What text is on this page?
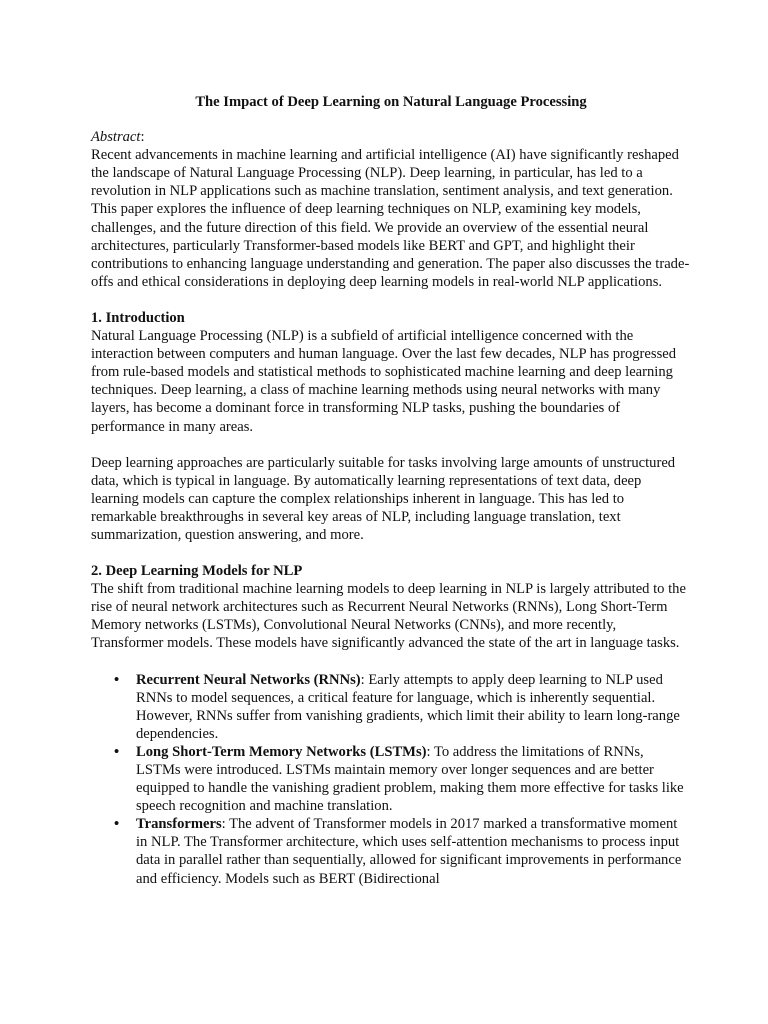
The Impact of Deep Learning on Natural Language Processing
Abstract:

Recent advancements in machine learning and artificial intelligence (AI) have significantly reshaped the landscape of Natural Language Processing (NLP). Deep learning, in particular, has led to a revolution in NLP applications such as machine translation, sentiment analysis, and text generation. This paper explores the influence of deep learning techniques on NLP, examining key models, challenges, and the future direction of this field. We provide an overview of the essential neural architectures, particularly Transformer-based models like BERT and GPT, and highlight their contributions to enhancing language understanding and generation. The paper also discusses the trade-offs and ethical considerations in deploying deep learning models in real-world NLP applications.

1. Introduction

Natural Language Processing (NLP) is a subfield of artificial intelligence concerned with the interaction between computers and human language. Over the last few decades, NLP has progressed from rule-based models and statistical methods to sophisticated machine learning and deep learning techniques. Deep learning, a class of machine learning methods using neural networks with many layers, has become a dominant force in transforming NLP tasks, pushing the boundaries of performance in many areas.

Deep learning approaches are particularly suitable for tasks involving large amounts of unstructured data, which is typical in language. By automatically learning representations of text data, deep learning models can capture the complex relationships inherent in language. This has led to remarkable breakthroughs in several key areas of NLP, including language translation, text summarization, question answering, and more.

2. Deep Learning Models for NLP

The shift from traditional machine learning models to deep learning in NLP is largely attributed to the rise of neural network architectures such as Recurrent Neural Networks (RNNs), Long Short-Term Memory networks (LSTMs), Convolutional Neural Networks (CNNs), and more recently, Transformer models. These models have significantly advanced the state of the art in language tasks.

• Recurrent Neural Networks (RNNs): Early attempts to apply deep learning to NLP used RNNs to model sequences, a critical feature for language, which is inherently sequential. However, RNNs suffer from vanishing gradients, which limit their ability to learn long-range dependencies.
• Long Short-Term Memory Networks (LSTMs): To address the limitations of RNNs, LSTMs were introduced. LSTMs maintain memory over longer sequences and are better equipped to handle the vanishing gradient problem, making them more effective for tasks like speech recognition and machine translation.
• Transformers: The advent of Transformer models in 2017 marked a transformative moment in NLP. The Transformer architecture, which uses self-attention mechanisms to process input data in parallel rather than sequentially, allowed for significant improvements in performance and efficiency. Models such as BERT (Bidirectional
